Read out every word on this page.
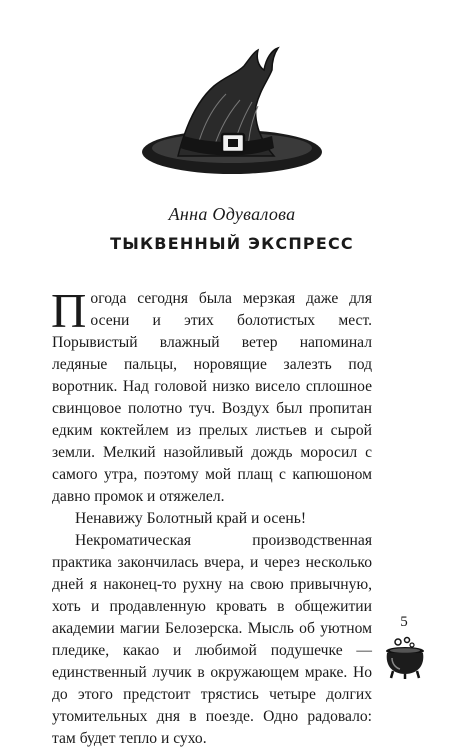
Анна Одувалова
ТЫКВЕННЫЙ ЭКСПРЕСС

Погода сегодня была мерзкая даже для осени и этих болотистых мест. Порывистый влажный ветер напоминал ледяные пальцы, норовящие залезть под воротник. Над головой низко висело сплошное свинцовое полотно туч. Воздух был пропитан едким коктейлем из прелых листьев и сырой земли. Мелкий назойливый дождь моросил с самого утра, поэтому мой плащ с капюшоном давно промок и отяжелел.

Ненавижу Болотный край и осень!

Некроматическая производственная практика закончилась вчера, и через несколько дней я наконец-то рухну на свою привычную, хоть и продавленную кровать в общежитии академии магии Белозерска. Мысль об уютном пледике, какао и любимой подушечке — единственный лучик в окружающем мраке. Но до этого предстоит трястись четыре долгих утомительных дня в поезде. Одно радовало: там будет тепло и сухо.

5
